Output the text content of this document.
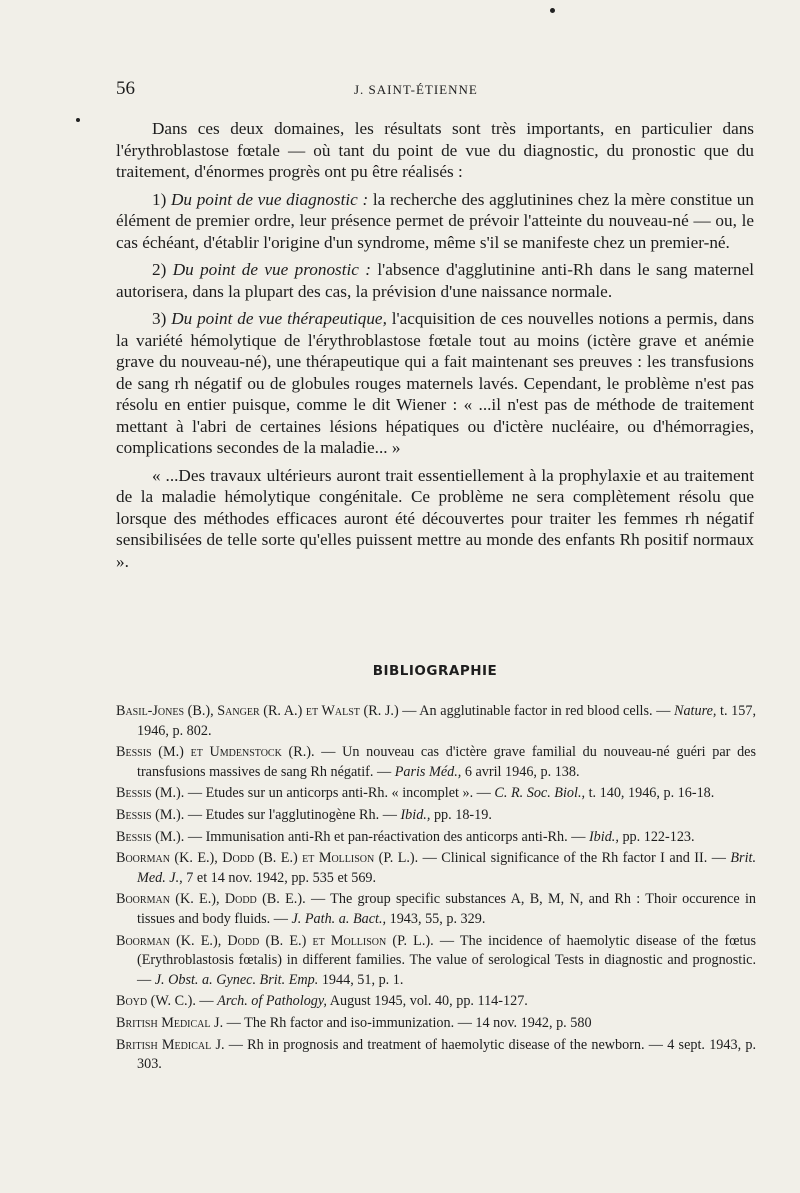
56	J. SAINT-ÉTIENNE

Dans ces deux domaines, les résultats sont très importants, en particulier dans l'érythroblastose fœtale — où tant du point de vue du diagnostic, du pronostic que du traitement, d'énormes progrès ont pu être réalisés :

1) Du point de vue diagnostic : la recherche des agglutinines chez la mère constitue un élément de premier ordre, leur présence permet de prévoir l'atteinte du nouveau-né — ou, le cas échéant, d'établir l'origine d'un syndrome, même s'il se manifeste chez un premier-né.

2) Du point de vue pronostic : l'absence d'agglutinine anti-Rh dans le sang maternel autorisera, dans la plupart des cas, la prévision d'une naissance normale.

3) Du point de vue thérapeutique, l'acquisition de ces nouvelles notions a permis, dans la variété hémolytique de l'érythroblastose fœtale tout au moins (ictère grave et anémie grave du nouveau-né), une thérapeutique qui a fait maintenant ses preuves : les transfusions de sang rh négatif ou de globules rouges maternels lavés. Cependant, le problème n'est pas résolu en entier puisque, comme le dit Wiener : « ...il n'est pas de méthode de traitement mettant à l'abri de certaines lésions hépatiques ou d'ictère nucléaire, ou d'hémorragies, complications secondes de la maladie... »

« ...Des travaux ultérieurs auront trait essentiellement à la prophylaxie et au traitement de la maladie hémolytique congénitale. Ce problème ne sera complètement résolu que lorsque des méthodes efficaces auront été découvertes pour traiter les femmes rh négatif sensibilisées de telle sorte qu'elles puissent mettre au monde des enfants Rh positif normaux ».

BIBLIOGRAPHIE
Basil-Jones (B.), Sanger (R. A.) et Walst (R. J.) — An agglutinable factor in red blood cells. — Nature, t. 157, 1946, p. 802.
Bessis (M.) et Umdenstock (R.). — Un nouveau cas d'ictère grave familial du nouveau-né guéri par des transfusions massives de sang Rh négatif. — Paris Méd., 6 avril 1946, p. 138.
Bessis (M.). — Etudes sur un anticorps anti-Rh. « incomplet ». — C. R. Soc. Biol., t. 140, 1946, p. 16-18.
Bessis (M.). — Etudes sur l'agglutinogène Rh. — Ibid., pp. 18-19.
Bessis (M.). — Immunisation anti-Rh et pan-réactivation des anticorps anti-Rh. — Ibid., pp. 122-123.
Boorman (K. E.), Dodd (B. E.) et Mollison (P. L.). — Clinical significance of the Rh factor I and II. — Brit. Med. J., 7 et 14 nov. 1942, pp. 535 et 569.
Boorman (K. E.), Dodd (B. E.). — The group specific substances A, B, M, N, and Rh : Thoir occurence in tissues and body fluids. — J. Path. a. Bact., 1943, 55, p. 329.
Boorman (K. E.), Dodd (B. E.) et Mollison (P. L.). — The incidence of haemolytic disease of the fœtus (Erythroblastosis fœtalis) in different families. The value of serological Tests in diagnostic and prognostic. — J. Obst. a. Gynec. Brit. Emp. 1944, 51, p. 1.
Boyd (W. C.). — Arch. of Pathology, August 1945, vol. 40, pp. 114-127.
British Medical J. — The Rh factor and iso-immunization. — 14 nov. 1942, p. 580
British Medical J. — Rh in prognosis and treatment of haemolytic disease of the newborn. — 4 sept. 1943, p. 303.
